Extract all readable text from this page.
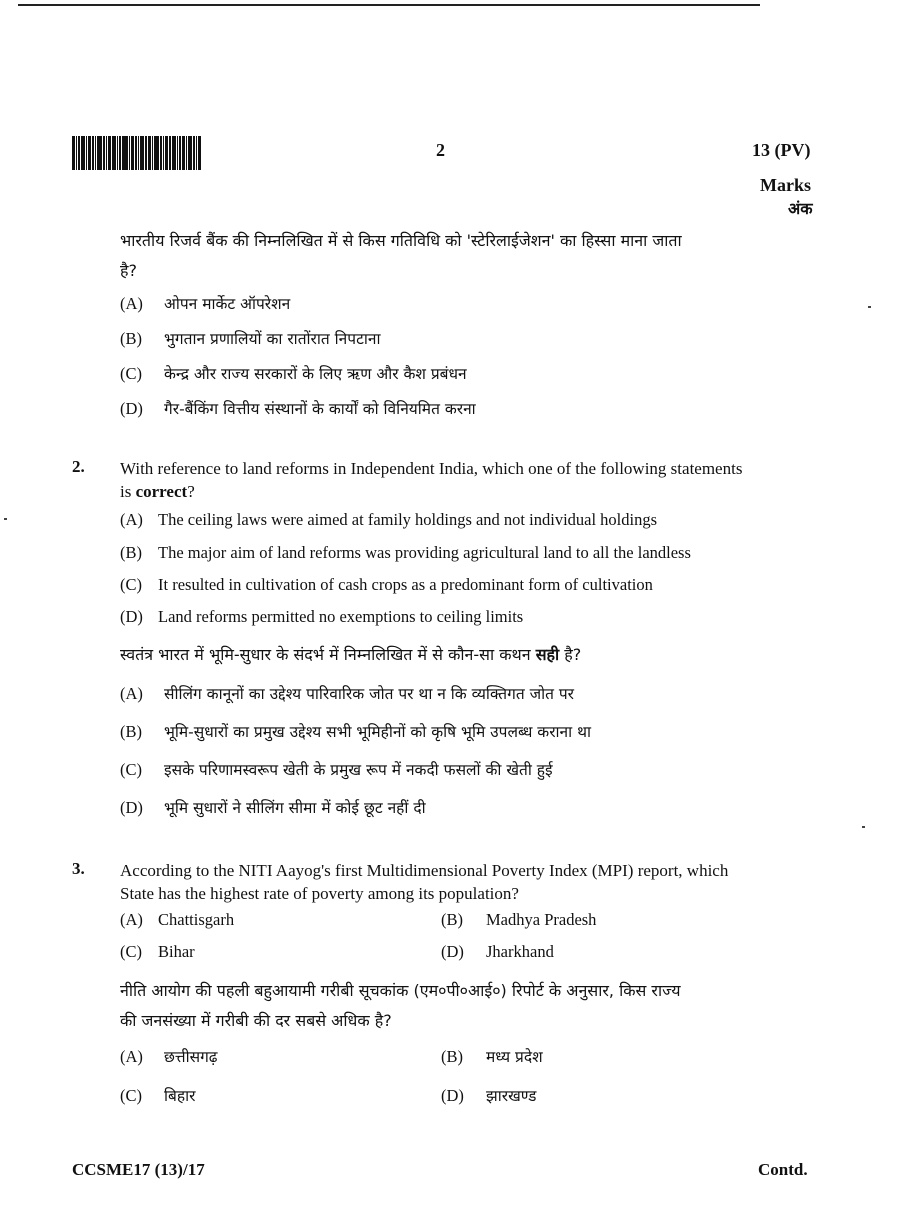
2	13 (PV)
Marks
अंक
भारतीय रिजर्व बैंक की निम्नलिखित में से किस गतिविधि को 'स्टेरिलाईजेशन' का हिस्सा माना जाता
है?
(A) ओपन मार्केट ऑपरेशन
(B) भुगतान प्रणालियों का रातोंरात निपटाना
(C) केन्द्र और राज्य सरकारों के लिए ऋण और कैश प्रबंधन
(D) गैर-बैंकिंग वित्तीय संस्थानों के कार्यों को विनियमित करना
2. With reference to land reforms in Independent India, which one of the following statements
is correct?
(A) The ceiling laws were aimed at family holdings and not individual holdings
(B) The major aim of land reforms was providing agricultural land to all the landless
(C) It resulted in cultivation of cash crops as a predominant form of cultivation
(D) Land reforms permitted no exemptions to ceiling limits
स्वतंत्र भारत में भूमि-सुधार के संदर्भ में निम्नलिखित में से कौन-सा कथन सही है?
(A) सीलिंग कानूनों का उद्देश्य पारिवारिक जोत पर था न कि व्यक्तिगत जोत पर
(B) भूमि-सुधारों का प्रमुख उद्देश्य सभी भूमिहीनों को कृषि भूमि उपलब्ध कराना था
(C) इसके परिणामस्वरूप खेती के प्रमुख रूप में नकदी फसलों की खेती हुई
(D) भूमि सुधारों ने सीलिंग सीमा में कोई छूट नहीं दी
3. According to the NITI Aayog's first Multidimensional Poverty Index (MPI) report, which
State has the highest rate of poverty among its population?
(A) Chattisgarh	(B) Madhya Pradesh
(C) Bihar	(D) Jharkhand
नीति आयोग की पहली बहुआयामी गरीबी सूचकांक (एम०पी०आई०) रिपोर्ट के अनुसार, किस राज्य
की जनसंख्या में गरीबी की दर सबसे अधिक है?
(A) छत्तीसगढ़	(B) मध्य प्रदेश
(C) बिहार	(D) झारखण्ड
CCSME17 (13)/17	Contd.
